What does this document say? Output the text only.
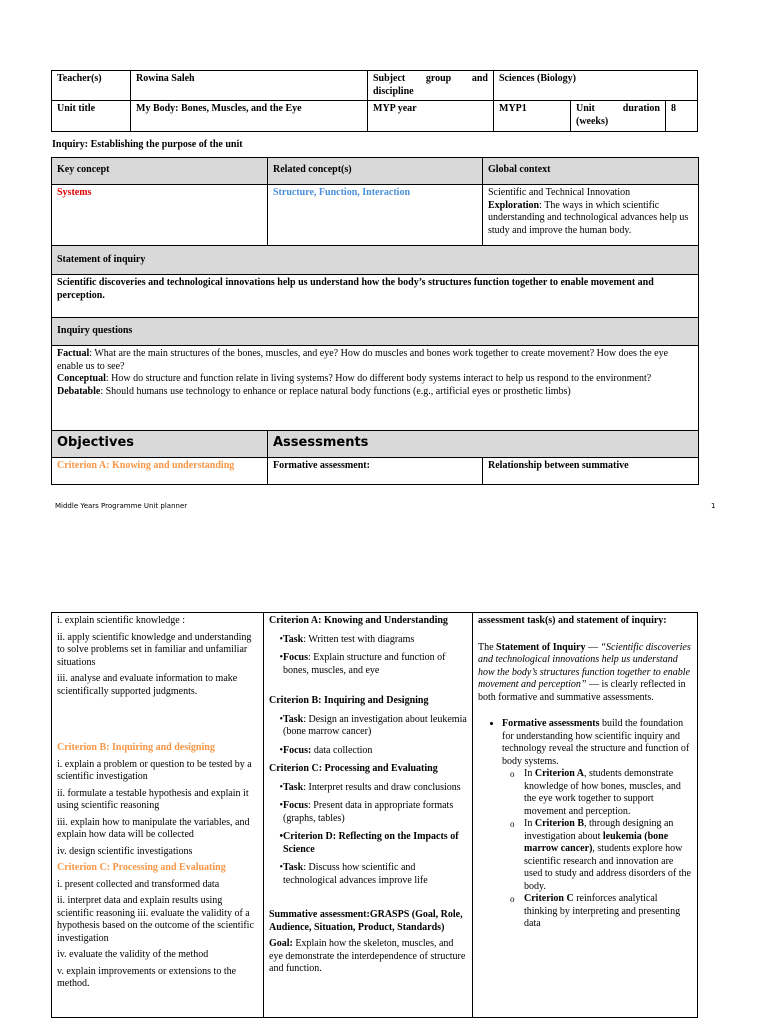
Teacher(s)	Rowina Saleh	Subject group and
discipline	Sciences (Biology)		
Unit title	My Body: Bones, Muscles, and the Eye	MYP year	MYP1	Unit duration
(weeks)	8
Inquiry: Establishing the purpose of the unit
Key concept	Related concept(s)	Global context
Systems	Structure, Function, Interaction	Scientific and Technical Innovation
Exploration: The ways in which scientific understanding and technological advances help us study and improve the human body.

Statement of inquiry		
Scientific discoveries and technological innovations help us understand how the body’s structures function together to enable movement and perception.		
Inquiry questions		

Factual: What are the main structures of the bones, muscles, and eye? How do muscles and bones work together to create movement? How does the eye enable us to see?
Conceptual: How do structure and function relate in living systems? How do different body systems interact to help us respond to the environment?
Debatable: Should humans use technology to enhance or replace natural body functions (e.g., artificial eyes or prosthetic limbs)		

Objectives	Assessments	
Criterion A: Knowing and understanding	Formative assessment:	Relationship between summative
Middle Years Programme Unit planner	1

i. explain scientific knowledge :

ii. apply scientific knowledge and understanding to solve problems set in familiar and unfamiliar situations

iii. analyse and evaluate information to make scientifically supported judgments.

Criterion B: Inquiring and designing

i. explain a problem or question to be tested by a scientific investigation

ii. formulate a testable hypothesis and explain it using scientific reasoning

iii. explain how to manipulate the variables, and explain how data will be collected

iv. design scientific investigations

Criterion C: Processing and Evaluating

i. present collected and transformed data

ii. interpret data and explain results using scientific reasoning iii. evaluate the validity of a hypothesis based on the outcome of the scientific investigation

iv. evaluate the validity of the method

v. explain improvements or extensions to the method.

Criterion A: Knowing and Understanding

•Task: Written test with diagrams

•Focus: Explain structure and function of bones, muscles, and eye

Criterion B: Inquiring and Designing

•Task: Design an investigation about leukemia (bone marrow cancer)

•Focus: data collection

Criterion C: Processing and Evaluating

•Task: Interpret results and draw conclusions

•Focus: Present data in appropriate formats (graphs, tables)

•Criterion D: Reflecting on the Impacts of Science

•Task: Discuss how scientific and technological advances improve life

Summative assessment:GRASPS (Goal, Role, Audience, Situation, Product, Standards)

Goal: Explain how the skeleton, muscles, and eye demonstrate the interdependence of structure and function.

assessment task(s) and statement of inquiry:

The Statement of Inquiry — “Scientific discoveries and technological innovations help us understand how the body’s structures function together to enable movement and perception” — is clearly reflected in both formative and summative assessments.

• Formative assessments build the foundation for understanding how scientific inquiry and technology reveal the structure and function of body systems.
o In Criterion A, students demonstrate knowledge of how bones, muscles, and the eye work together to support movement and perception.
o In Criterion B, through designing an investigation about leukemia (bone marrow cancer), students explore how scientific research and innovation are used to study and address disorders of the body.
o Criterion C reinforces analytical thinking by interpreting and presenting data
